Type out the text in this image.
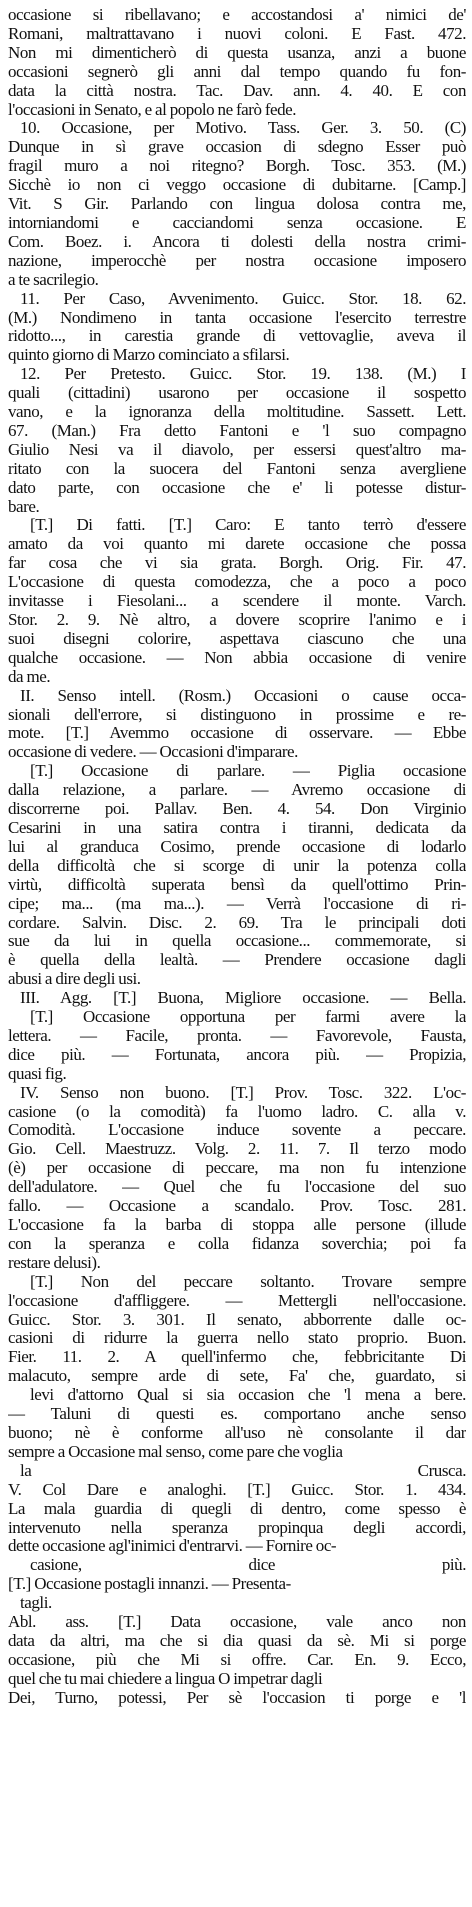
occasione si ribellavano; e accostandosi a' nimici de'
Romani, maltrattavano i nuovi coloni. E Fast. 472.
Non mi dimenticherò di questa usanza, anzi a buone
occasioni segnerò gli anni dal tempo quando fu fon-
data la città nostra. Tac. Dav. ann. 4. 40. E con
l'occasioni in Senato, e al popolo ne farò fede.
10. Occasione, per Motivo. Tass. Ger. 3. 50. (C)
Dunque in sì grave occasion di sdegno Esser può
fragil muro a noi ritegno? Borgh. Tosc. 353. (M.)
Sicchè io non ci veggo occasione di dubitarne. [Camp.]
Vit. S Gir. Parlando con lingua dolosa contra me,
intorniandomi e cacciandomi senza occasione. E
Com. Boez. i. Ancora ti dolesti della nostra crimi-
nazione, imperocchè per nostra occasione imposero
a te sacrilegio.
11. Per Caso, Avvenimento. Guicc. Stor. 18. 62.
(M.) Nondimeno in tanta occasione l'esercito terrestre
ridotto..., in carestia grande di vettovaglie, aveva il
quinto giorno di Marzo cominciato a sfilarsi.
12. Per Pretesto. Guicc. Stor. 19. 138. (M.) I
quali (cittadini) usarono per occasione il sospetto
vano, e la ignoranza della moltitudine. Sassett. Lett.
67. (Man.) Fra detto Fantoni e 'l suo compagno
Giulio Nesi va il diavolo, per essersi quest'altro ma-
ritato con la suocera del Fantoni senza avergliene
dato parte, con occasione che e' li potesse distur-
bare.
[T.] Di fatti. [T.] Caro: E tanto terrò d'essere
amato da voi quanto mi darete occasione che possa
far cosa che vi sia grata. Borgh. Orig. Fir. 47.
L'occasione di questa comodezza, che a poco a poco
invitasse i Fiesolani... a scendere il monte. Varch.
Stor. 2. 9. Nè altro, a dovere scoprire l'animo e i
suoi disegni colorire, aspettava ciascuno che una
qualche occasione. — Non abbia occasione di venire
da me.
II. Senso intell. (Rosm.) Occasioni o cause occa-
sionali dell'errore, si distinguono in prossime e re-
mote. [T.] Avemmo occasione di osservare. — Ebbe
occasione di vedere. — Occasioni d'imparare.
[T.] Occasione di parlare. — Piglia occasione
dalla relazione, a parlare. — Avremo occasione di
discorrerne poi. Pallav. Ben. 4. 54. Don Virginio
Cesarini in una satira contra i tiranni, dedicata da
lui al granduca Cosimo, prende occasione di lodarlo
della difficoltà che si scorge di unir la potenza colla
virtù, difficoltà superata bensì da quell'ottimo Prin-
cipe; ma... (ma ma...). — Verrà l'occasione di ri-
cordare. Salvin. Disc. 2. 69. Tra le principali doti
sue da lui in quella occasione... commemorate, si
è quella della lealtà. — Prendere occasione dagli
abusi a dire degli usi.
III. Agg. [T.] Buona, Migliore occasione. — Bella.
[T.] Occasione opportuna per farmi avere la
lettera. — Facile, pronta. — Favorevole, Fausta,
dice più. — Fortunata, ancora più. — Propizia,
quasi fig.
IV. Senso non buono. [T.] Prov. Tosc. 322. L'oc-
casione (o la comodità) fa l'uomo ladro. C. alla v.
Comodità. L'occasione induce sovente a peccare.
Gio. Cell. Maestruzz. Volg. 2. 11. 7. Il terzo modo
(è) per occasione di peccare, ma non fu intenzione
dell'adulatore. — Quel che fu l'occasione del suo
fallo. — Occasione a scandalo. Prov. Tosc. 281.
L'occasione fa la barba di stoppa alle persone (illude
con la speranza e colla fidanza soverchia; poi fa
restare delusi).
[T.] Non del peccare soltanto. Trovare sempre
l'occasione d'affliggere. — Mettergli nell'occasione.
Guicc. Stor. 3. 301. Il senato, abborrente dalle oc-
casioni di ridurre la guerra nello stato proprio. Buon.
Fier. 11. 2. A quell'infermo che, febbricitante Di
malacuto, sempre arde di sete, Fa' che, guardato, si
levi d'attorno Qual si sia occasion che 'l mena a bere.
— Taluni di questi es. comportano anche senso
buono; nè è conforme all'uso nè consolante il dar
sempre a Occasione mal senso, come pare che voglia
la Crusca.
V. Col Dare e analoghi. [T.] Guicc. Stor. 1. 434.
La mala guardia di quegli di dentro, come spesso è
intervenuto nella speranza propinqua degli accordi,
dette occasione agl'inimici d'entrarvi. — Fornire oc-
casione, dice più.
[T.] Occasione postagli innanzi. — Presenta-
tagli.
Abl. ass. [T.] Data occasione, vale anco non
data da altri, ma che si dia quasi da sè. Mi si porge
occasione, più che Mi si offre. Car. En. 9. Ecco,
quel che tu mai chiedere a lingua O impetrar dagli
Dei, Turno, potessi, Per sè l'occasion ti porge e 'l
